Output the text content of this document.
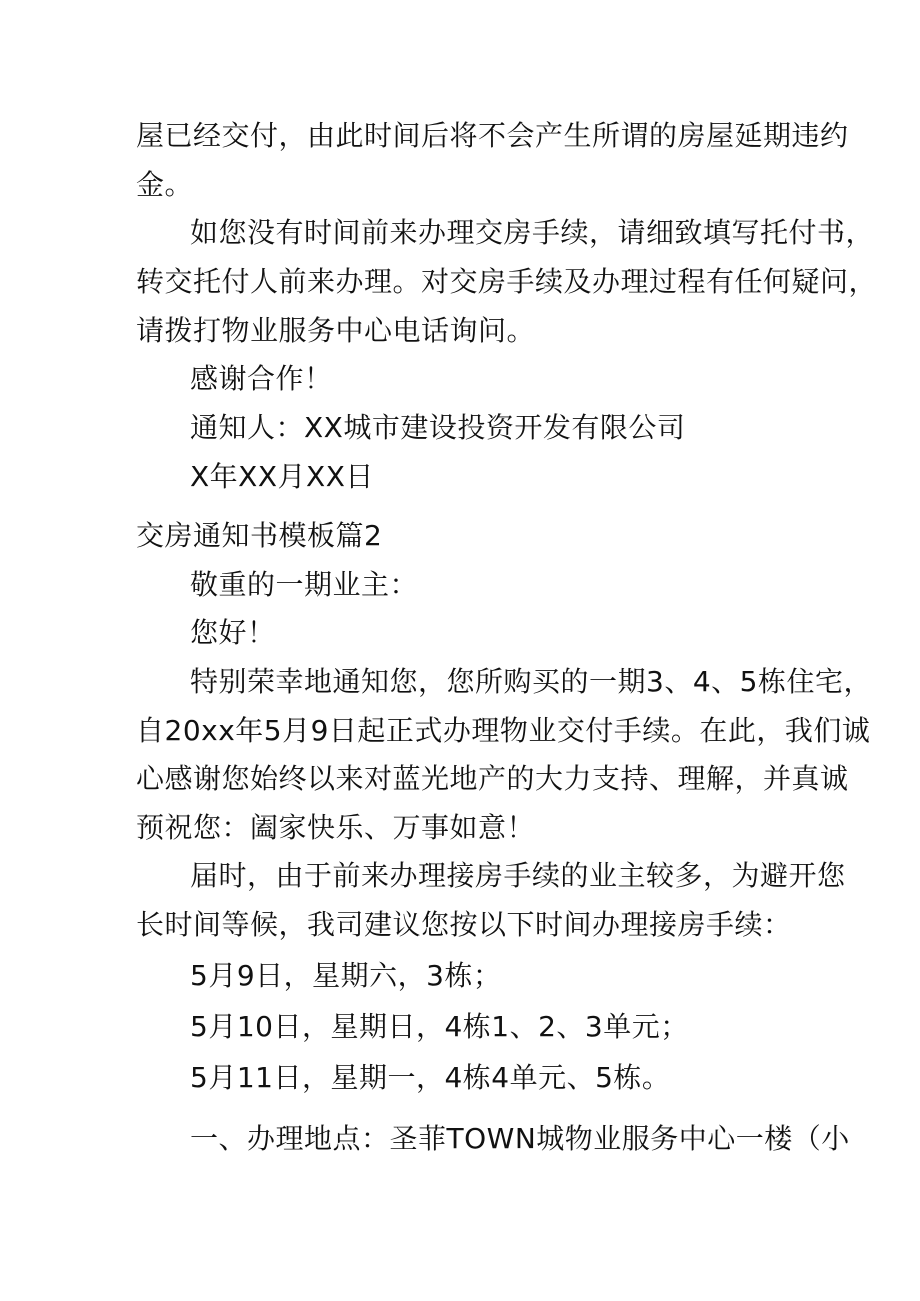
屋已经交付，由此时间后将不会产生所谓的房屋延期违约
金。
如您没有时间前来办理交房手续，请细致填写托付书，
转交托付人前来办理。对交房手续及办理过程有任何疑问，
请拨打物业服务中心电话询问。
感谢合作！
通知人：XX城市建设投资开发有限公司
X年XX月XX日
交房通知书模板篇2
敬重的一期业主：
您好！
特别荣幸地通知您，您所购买的一期3、4、5栋住宅，
自20xx年5月9日起正式办理物业交付手续。在此，我们诚
心感谢您始终以来对蓝光地产的大力支持、理解，并真诚
预祝您：阖家快乐、万事如意！
届时，由于前来办理接房手续的业主较多，为避开您
长时间等候，我司建议您按以下时间办理接房手续：
5月9日，星期六，3栋；
5月10日，星期日，4栋1、2、3单元；
5月11日，星期一，4栋4单元、5栋。
一、办理地点：圣菲TOWN城物业服务中心一楼（小
